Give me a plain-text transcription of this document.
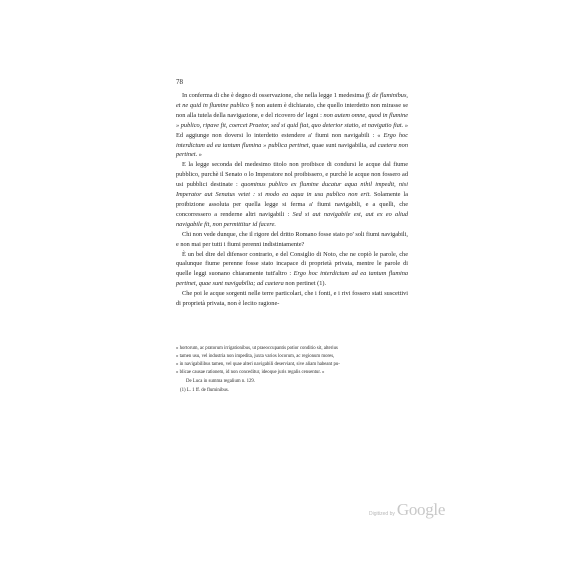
78

In conferma di che è degno di osservazione, che nella legge 1 medesima ff. de fluminibus, et ne quid in flumine publico § non autem è dichiarato, che quello interdetto non mirasse se non alla tutela della navigazione, e del ricovero de' legni : non autem omne, quod in flumine » publico, ripave fit, coercet Praetor, sed si quid fiat, quo deterior statio, et navigatio fiat. » Ed aggiunge non doversi lo interdetto estendere a' fiumi non navigabili : « Ergo hoc interdictum ad ea tantum flumina » publica pertinet, quae sunt navigabilia, ad caetera non pertinet. »

E la legge seconda del medesimo titolo non proibisce di condursi le acque dal fiume pubblico, purchè il Senato o lo Imperatore nol proibissero, e purchè le acque non fossero ad usi pubblici destinate : quominus publico ex flumine ducatur aqua nihil impedit, nisi Imperator aut Senatus vetet : si modo ea aqua in usu publico non erit. Solamente la proibizione assoluta per quella legge si ferma a' fiumi navigabili, e a quelli, che concorressero a renderne altri navigabili : Sed si aut navigabile est, aut ex eo aliud navigabile fit, non permittitur id facere.

Chi non vede dunque, che il rigore del dritto Romano fosse stato po' soli fiumi navigabili, e non mai per tutti i fiumi perenni indistintamente?

È un bel dire del difensor contrario, e del Consiglio di Noto, che ne copiò le parole, che qualunque fiume perenne fosse stato incapace di proprietà privata, mentre le parole di quelle leggi suonano chiaramente tutt'altro : Ergo hoc interdictum ad ea tantum flumina pertinet, quae sunt navigabilia; ad caetera non pertinet (1).

Che poi le acque sorgenti nelle terre particolari, che i fonti, e i rivi fossero stati suscettivi di proprietà privata, non è lecito ragione-

» hortorum, ac pratorum irrigationibus, ut praeoccupantis potior conditio sit, alterius

» tamen usu, vel industria non impedita, juxta varios locorum, ac regionum mores,

» in navigabilibus tamen, vel quae alteri navigabili deserviant, sive aliam habeant pu-

» blicae causae rationem, id non conceditur, ideoque juris regalis censentur. »

De Luca in summa regalium n. 129.

(1) L. 1 ff. de fluminibus.

Digitized by Google
